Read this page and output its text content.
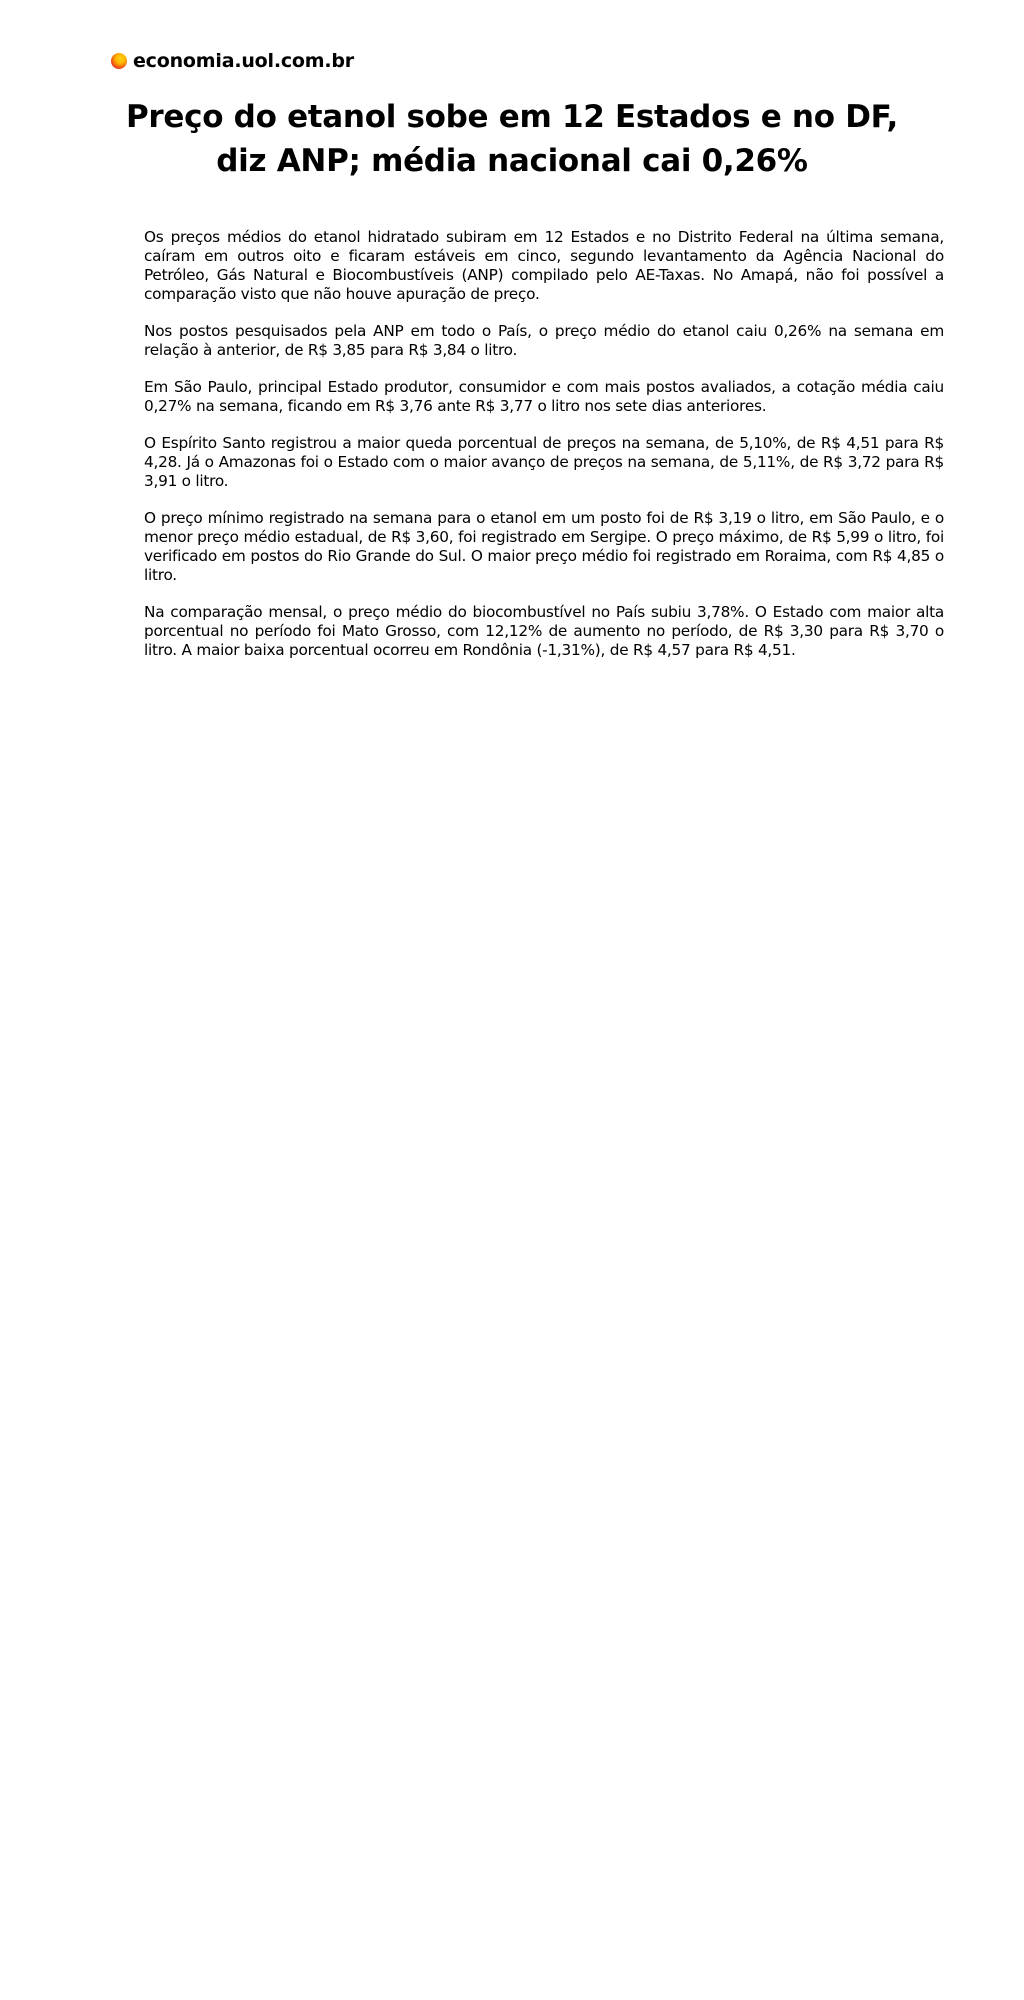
economia.uol.com.br
Preço do etanol sobe em 12 Estados e no DF, diz ANP; média nacional cai 0,26%

Os preços médios do etanol hidratado subiram em 12 Estados e no Distrito Federal na última semana, caíram em outros oito e ficaram estáveis em cinco, segundo levantamento da Agência Nacional do Petróleo, Gás Natural e Biocombustíveis (ANP) compilado pelo AE-Taxas. No Amapá, não foi possível a comparação visto que não houve apuração de preço.

Nos postos pesquisados pela ANP em todo o País, o preço médio do etanol caiu 0,26% na semana em relação à anterior, de R$ 3,85 para R$ 3,84 o litro.

Em São Paulo, principal Estado produtor, consumidor e com mais postos avaliados, a cotação média caiu 0,27% na semana, ficando em R$ 3,76 ante R$ 3,77 o litro nos sete dias anteriores.

O Espírito Santo registrou a maior queda porcentual de preços na semana, de 5,10%, de R$ 4,51 para R$ 4,28. Já o Amazonas foi o Estado com o maior avanço de preços na semana, de 5,11%, de R$ 3,72 para R$ 3,91 o litro.

O preço mínimo registrado na semana para o etanol em um posto foi de R$ 3,19 o litro, em São Paulo, e o menor preço médio estadual, de R$ 3,60, foi registrado em Sergipe. O preço máximo, de R$ 5,99 o litro, foi verificado em postos do Rio Grande do Sul. O maior preço médio foi registrado em Roraima, com R$ 4,85 o litro.

Na comparação mensal, o preço médio do biocombustível no País subiu 3,78%. O Estado com maior alta porcentual no período foi Mato Grosso, com 12,12% de aumento no período, de R$ 3,30 para R$ 3,70 o litro. A maior baixa porcentual ocorreu em Rondônia (-1,31%), de R$ 4,57 para R$ 4,51.
